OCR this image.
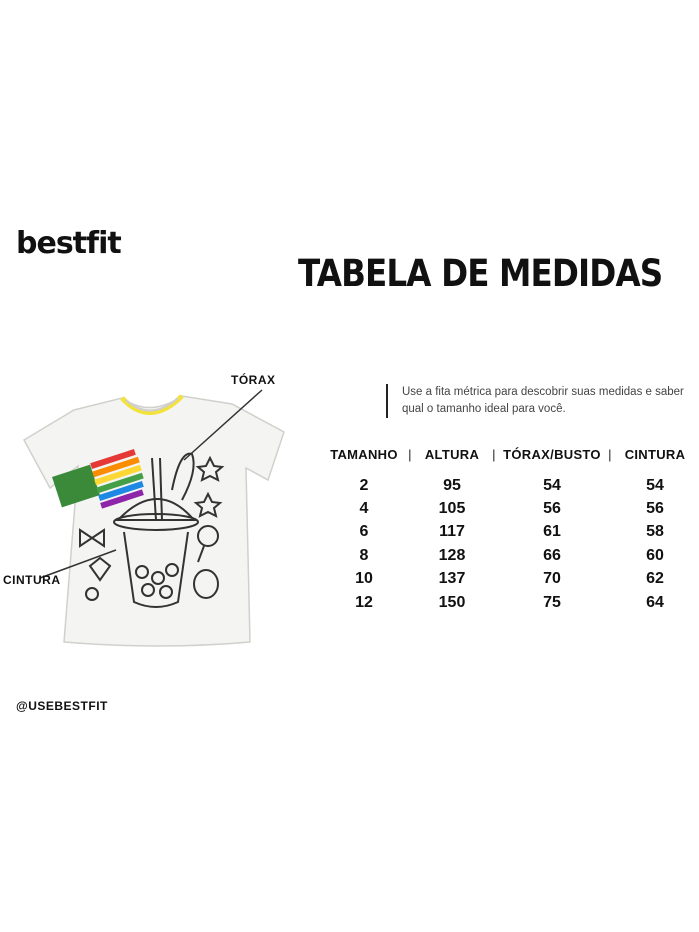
bestfit
TABELA DE MEDIDAS
TÓRAX
CINTURA
Use a fita métrica para descobrir suas medidas e saber qual o tamanho ideal para você.
TAMANHO |	ALTURA	| TÓRAX/BUSTO | CINTURA
2	95	54	54
4	105	56	56
6	117	61	58
8	128	66	60
10	137	70	62
12	150	75	64
@USEBESTFIT
